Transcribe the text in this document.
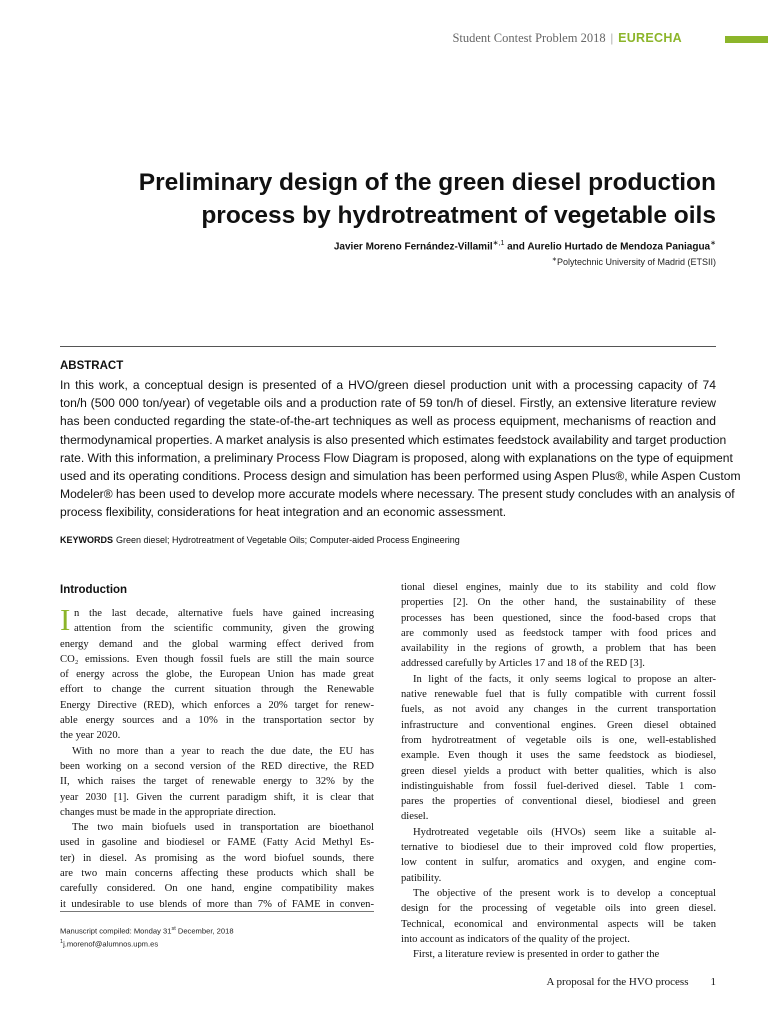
Student Contest Problem 2018 | EURECHA
Preliminary design of the green diesel production
process by hydrotreatment of vegetable oils
Javier Moreno Fernández-Villamil$^{∗,1}$ and Aurelio Hurtado de Mendoza Paniagua∗
∗Polytechnic University of Madrid (ETSII)
ABSTRACT
In this work, a conceptual design is presented of a HVO/green diesel production unit with a processing capacity of 74
ton/h (500 000 ton/year) of vegetable oils and a production rate of 59 ton/h of diesel. Firstly, an extensive literature review
has been conducted regarding the state-of-the-art techniques as well as process equipment, mechanisms of reaction and
thermodynamical properties. A market analysis is also presented which estimates feedstock availability and target production
rate. With this information, a preliminary Process Flow Diagram is proposed, along with explanations on the type of equipment
used and its operating conditions. Process design and simulation has been performed using Aspen Plus®, while Aspen Custom
Modeler® has been used to develop more accurate models where necessary. The present study concludes with an analysis of
process flexibility, considerations for heat integration and an economic assessment.
KEYWORDS Green diesel; Hydrotreatment of Vegetable Oils; Computer-aided Process Engineering
Introduction
I n the last decade, alternative fuels have gained increasing
attention from the scientific community, given the growing
energy demand and the global warming effect derived from
CO₂ emissions. Even though fossil fuels are still the main source
of energy across the globe, the European Union has made great
effort to change the current situation through the Renewable
Energy Directive (RED), which enforces a 20% target for renew-
able energy sources and a 10% in the transportation sector by
the year 2020.
With no more than a year to reach the due date, the EU has
been working on a second version of the RED directive, the RED
II, which raises the target of renewable energy to 32% by the
year 2030 [1]. Given the current paradigm shift, it is clear that
changes must be made in the appropriate direction.
The two main biofuels used in transportation are bioethanol
used in gasoline and biodiesel or FAME (Fatty Acid Methyl Es-
ter) in diesel. As promising as the word biofuel sounds, there
are two main concerns affecting these products which shall be
carefully considered. On one hand, engine compatibility makes
it undesirable to use blends of more than 7% of FAME in conven-
tional diesel engines, mainly due to its stability and cold flow
properties [2]. On the other hand, the sustainability of these
processes has been questioned, since the food-based crops that
are commonly used as feedstock tamper with food prices and
availability in the regions of growth, a problem that has been
addressed carefully by Articles 17 and 18 of the RED [3].
In light of the facts, it only seems logical to propose an alter-
native renewable fuel that is fully compatible with current fossil
fuels, as not avoid any changes in the current transportation
infrastructure and conventional engines. Green diesel obtained
from hydrotreatment of vegetable oils is one, well-established
example. Even though it uses the same feedstock as biodiesel,
green diesel yields a product with better qualities, which is also
indistinguishable from fossil fuel-derived diesel. Table 1 com-
pares the properties of conventional diesel, biodiesel and green
diesel.
Hydrotreated vegetable oils (HVOs) seem like a suitable al-
ternative to biodiesel due to their improved cold flow properties,
low content in sulfur, aromatics and oxygen, and engine com-
patibility.
The objective of the present work is to develop a conceptual
design for the processing of vegetable oils into green diesel.
Technical, economical and environmental aspects will be taken
into account as indicators of the quality of the project.
First, a literature review is presented in order to gather the
Manuscript compiled: Monday 31st December, 2018
$^1$j.morenof@alumnos.upm.es
A proposal for the HVO process 1
